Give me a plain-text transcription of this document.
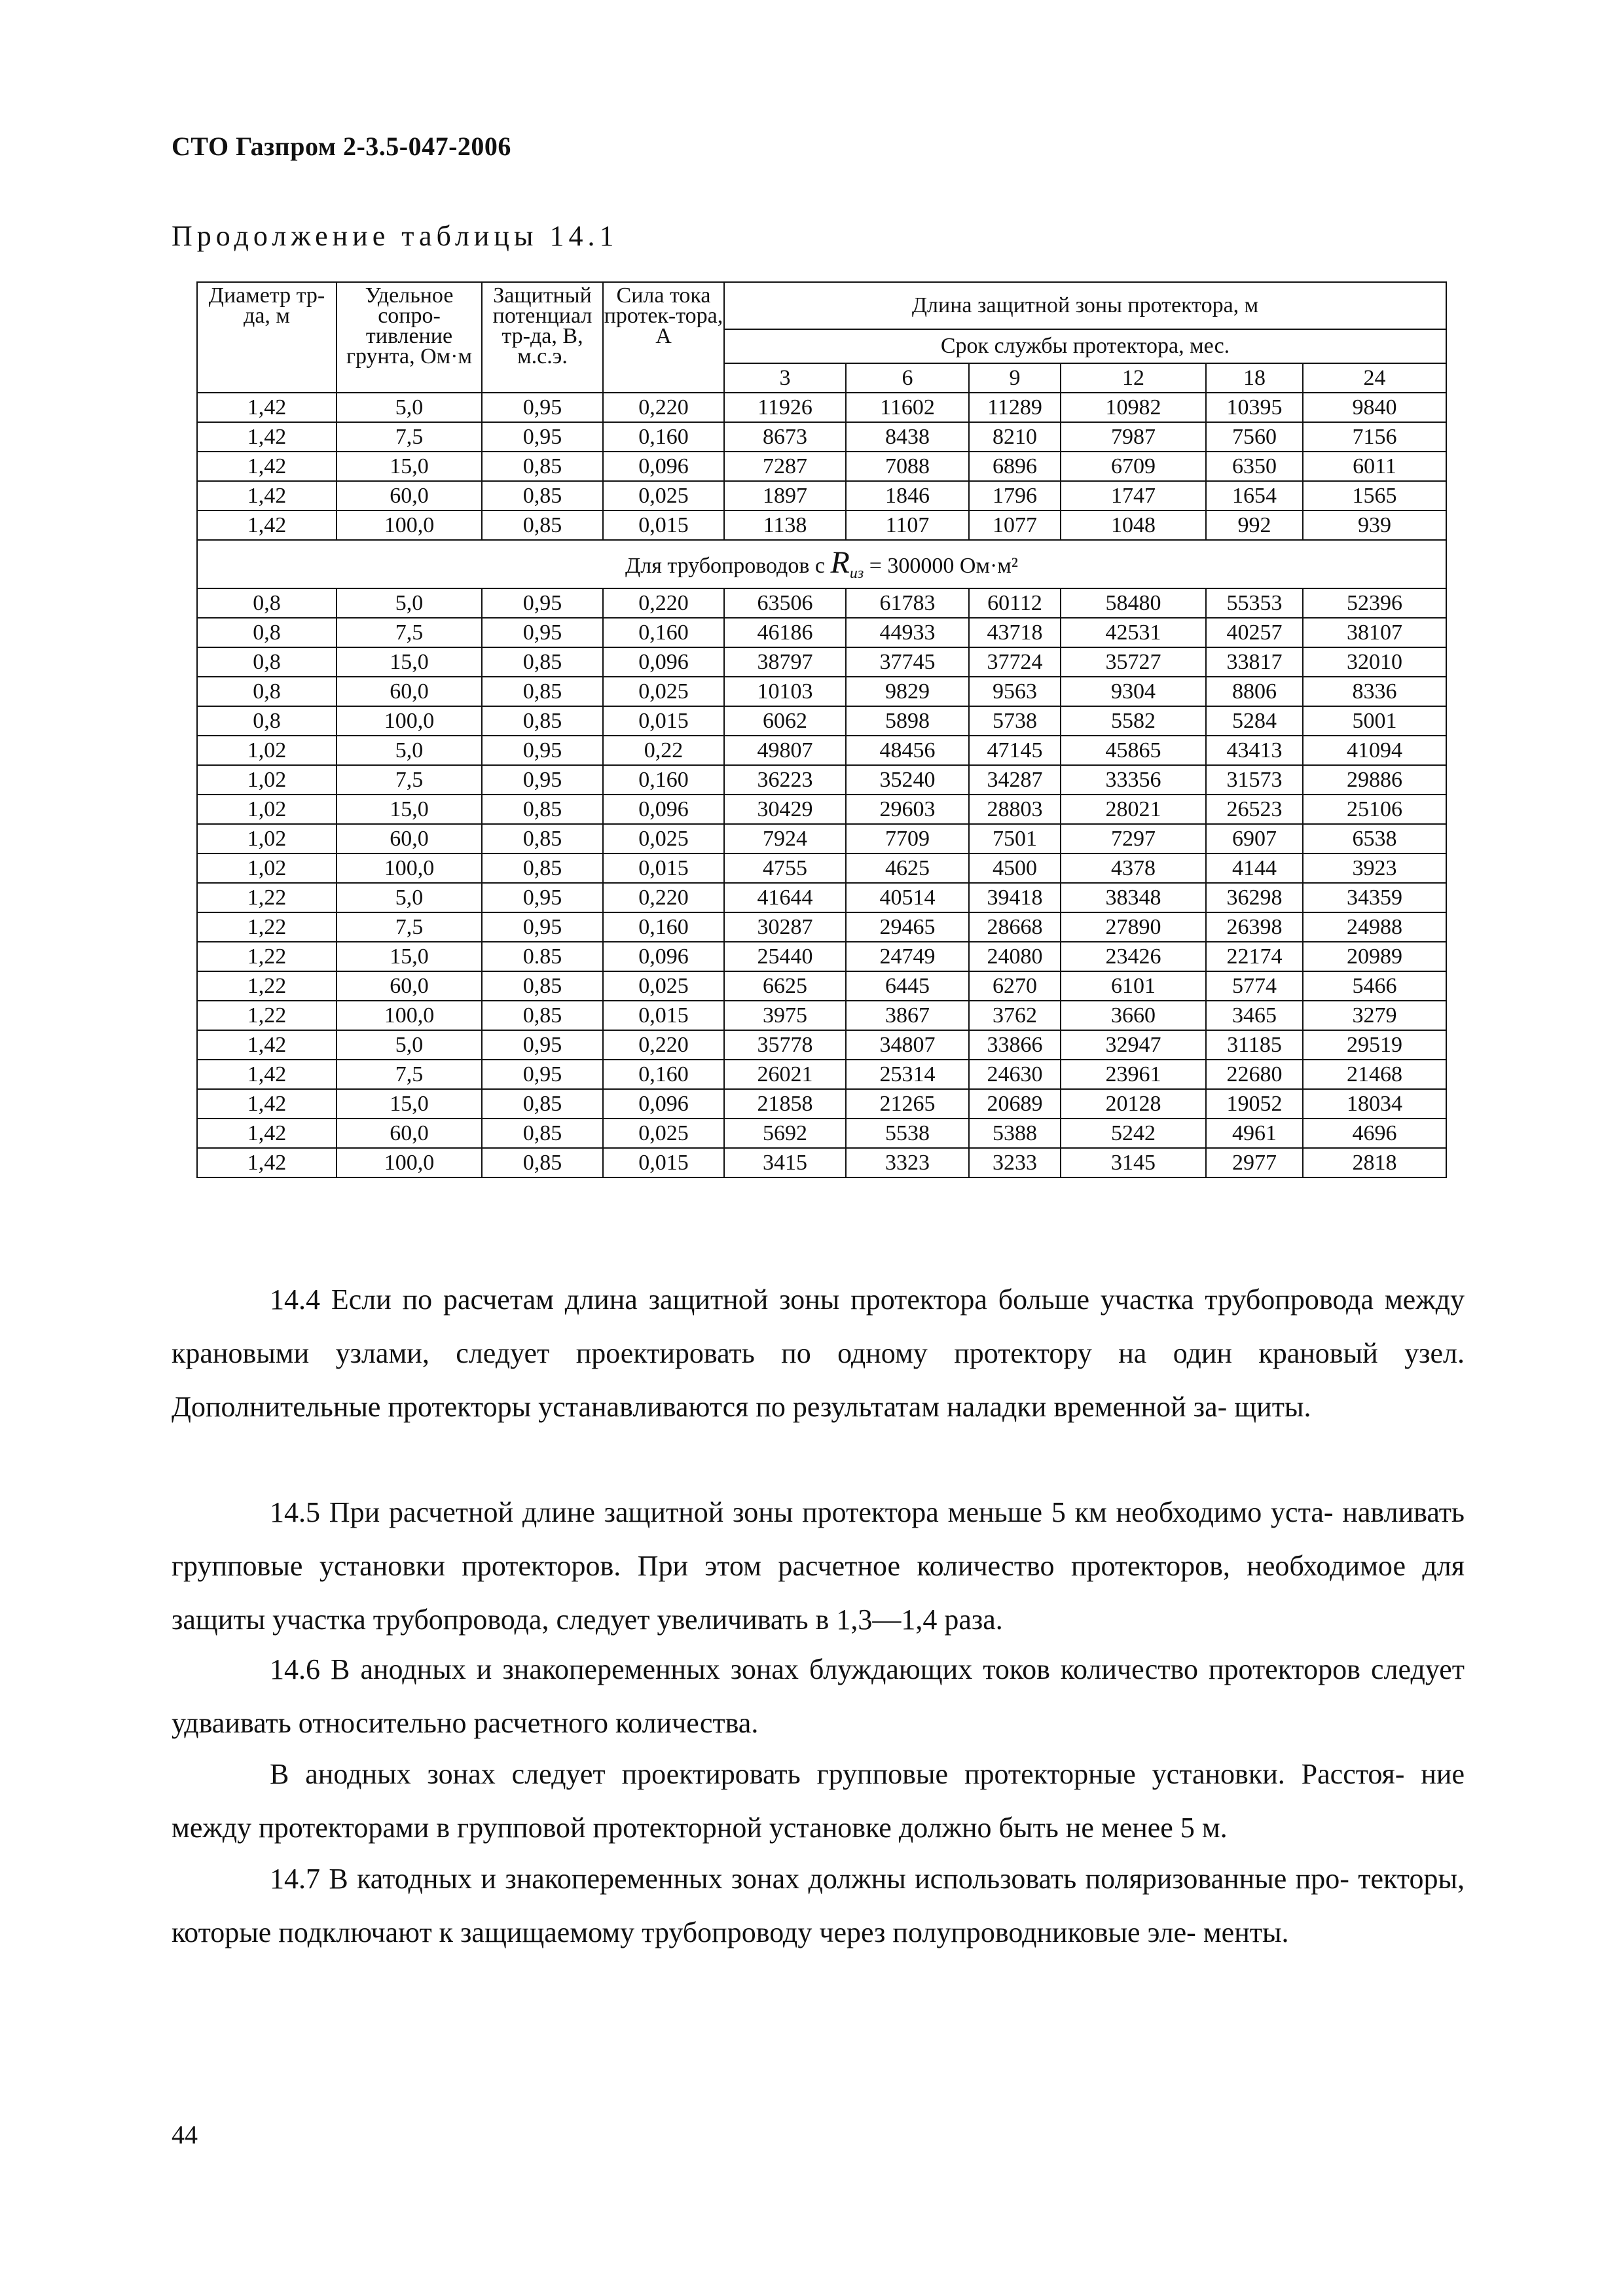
СТО Газпром 2-3.5-047-2006
Продолжение таблицы 14.1
Диаметр тр-да, м	Удельное сопро-тивление грунта, Ом·м	Защитный потенциал тр-да, В, м.с.э.	Сила тока протек-тора, А	Длина защитной зоны протектора, м					
				Срок службы протектора, мес.					
				3	6	9	12	18	24

1,42	5,0	0,95	0,220	11926	11602	11289	10982	10395	9840
1,42	7,5	0,95	0,160	8673	8438	8210	7987	7560	7156
1,42	15,0	0,85	0,096	7287	7088	6896	6709	6350	6011
1,42	60,0	0,85	0,025	1897	1846	1796	1747	1654	1565
1,42	100,0	0,85	0,015	1138	1107	1077	1048	992	939
Для трубопроводов с $R_{из} = 300000$ Ом·м²									
0,8	5,0	0,95	0,220	63506	61783	60112	58480	55353	52396
0,8	7,5	0,95	0,160	46186	44933	43718	42531	40257	38107
0,8	15,0	0,85	0,096	38797	37745	37724	35727	33817	32010
0,8	60,0	0,85	0,025	10103	9829	9563	9304	8806	8336
0,8	100,0	0,85	0,015	6062	5898	5738	5582	5284	5001
1,02	5,0	0,95	0,22	49807	48456	47145	45865	43413	41094
1,02	7,5	0,95	0,160	36223	35240	34287	33356	31573	29886
1,02	15,0	0,85	0,096	30429	29603	28803	28021	26523	25106
1,02	60,0	0,85	0,025	7924	7709	7501	7297	6907	6538
1,02	100,0	0,85	0,015	4755	4625	4500	4378	4144	3923
1,22	5,0	0,95	0,220	41644	40514	39418	38348	36298	34359
1,22	7,5	0,95	0,160	30287	29465	28668	27890	26398	24988
1,22	15,0	0.85	0,096	25440	24749	24080	23426	22174	20989
1,22	60,0	0,85	0,025	6625	6445	6270	6101	5774	5466
1,22	100,0	0,85	0,015	3975	3867	3762	3660	3465	3279
1,42	5,0	0,95	0,220	35778	34807	33866	32947	31185	29519
1,42	7,5	0,95	0,160	26021	25314	24630	23961	22680	21468
1,42	15,0	0,85	0,096	21858	21265	20689	20128	19052	18034
1,42	60,0	0,85	0,025	5692	5538	5388	5242	4961	4696
1,42	100,0	0,85	0,015	3415	3323	3233	3145	2977	2818

14.4 Если по расчетам длина защитной зоны протектора больше участка трубопровода между крановыми узлами, следует проектировать по одному протектору на один крановый узел. Дополнительные протекторы устанавливаются по результатам наладки временной за- щиты.

14.5 При расчетной длине защитной зоны протектора меньше 5 км необходимо уста- навливать групповые установки протекторов. При этом расчетное количество протекторов, необходимое для защиты участка трубопровода, следует увеличивать в 1,3—1,4 раза.

14.6 В анодных и знакопеременных зонах блуждающих токов количество протекторов следует удваивать относительно расчетного количества.

В анодных зонах следует проектировать групповые протекторные установки. Расстоя- ние между протекторами в групповой протекторной установке должно быть не менее 5 м.

14.7 В катодных и знакопеременных зонах должны использовать поляризованные про- текторы, которые подключают к защищаемому трубопроводу через полупроводниковые эле- менты.

44
